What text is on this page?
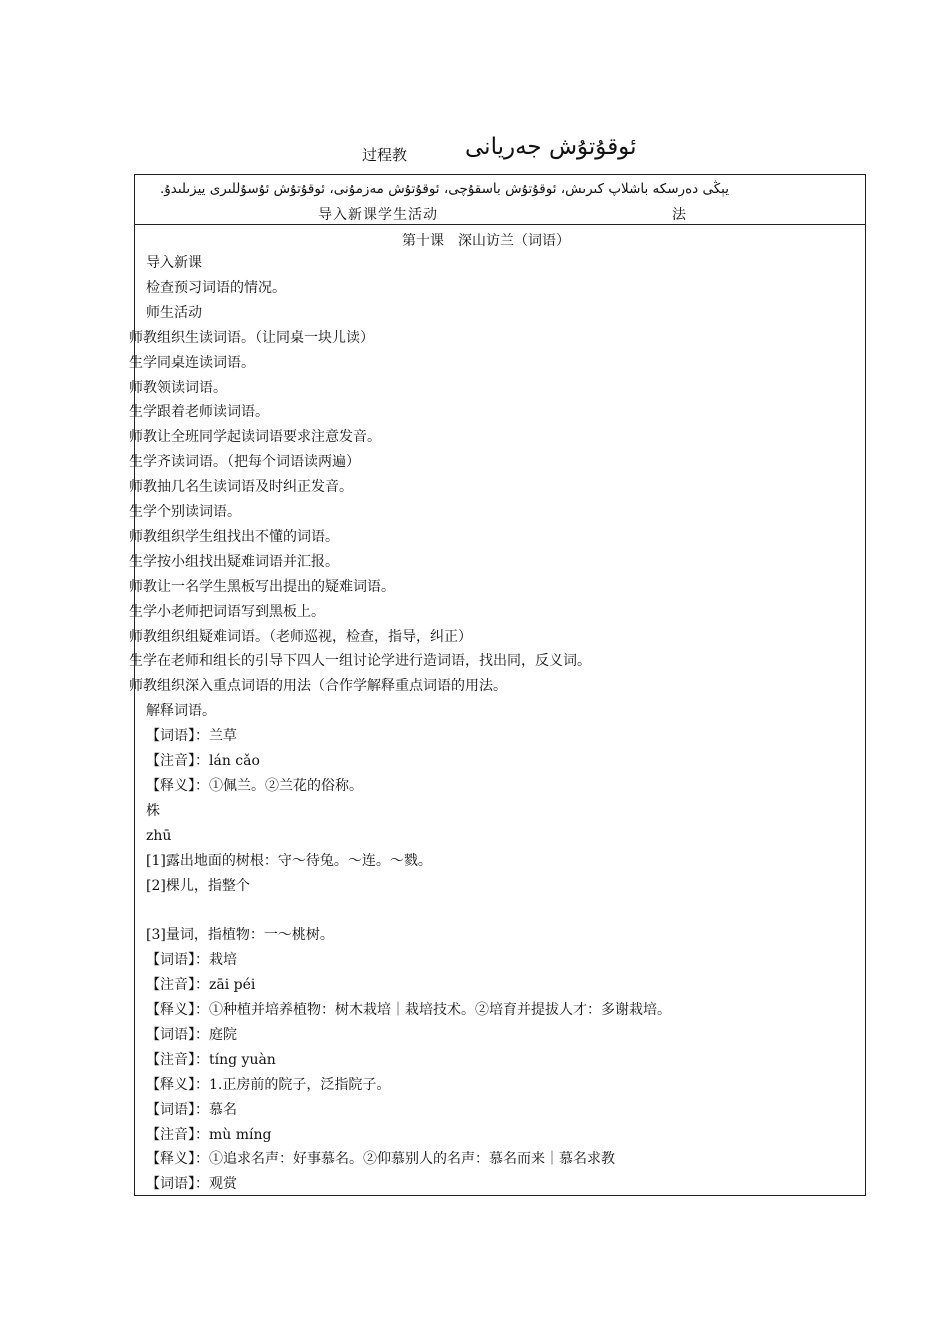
过程教	ئوقۇتۇش جەريانى
يېڭى دەرسكە باشلاپ كىرىش، ئوقۇتۇش باسقۇچى، ئوقۇتۇش مەزمۇنى، ئوقۇتۇش ئۇسۇللىرى ييزىلىدۇ.
导入新课学生活动	法
第十课　深山访兰（词语）
导入新课
检查预习词语的情况。
师生活动
师教组织生读词语。（让同桌一块儿读）
生学同桌连读词语。
师教领读词语。
生学跟着老师读词语。
师教让全班同学起读词语要求注意发音。
生学齐读词语。（把每个词语读两遍）
师教抽几名生读词语及时纠正发音。
生学个别读词语。
师教组织学生组找出不懂的词语。
生学按小组找出疑难词语并汇报。
师教让一名学生黑板写出提出的疑难词语。
生学小老师把词语写到黑板上。
师教组织组疑难词语。（老师巡视，检查，指导，纠正）
生学在老师和组长的引导下四人一组讨论学进行造词语，找出同，反义词。
师教组织深入重点词语的用法（合作学解释重点词语的用法。
解释词语。
【词语】：兰草
【注音】：lán cǎo
【释义】：①佩兰。②兰花的俗称。
株
zhū
[1]露出地面的树根：守～待兔。～连。～戮。
[2]棵儿，指整个
[3]量词，指植物：一～桃树。
【词语】：栽培
【注音】：zāi péi
【释义】：①种植并培养植物：树木栽培｜栽培技术。②培育并提拔人才：多谢栽培。
【词语】：庭院
【注音】：tíng yuàn
【释义】：1.正房前的院子，泛指院子。
【词语】：慕名
【注音】：mù míng
【释义】：①追求名声：好事慕名。②仰慕别人的名声：慕名而来｜慕名求教
【词语】：观赏
